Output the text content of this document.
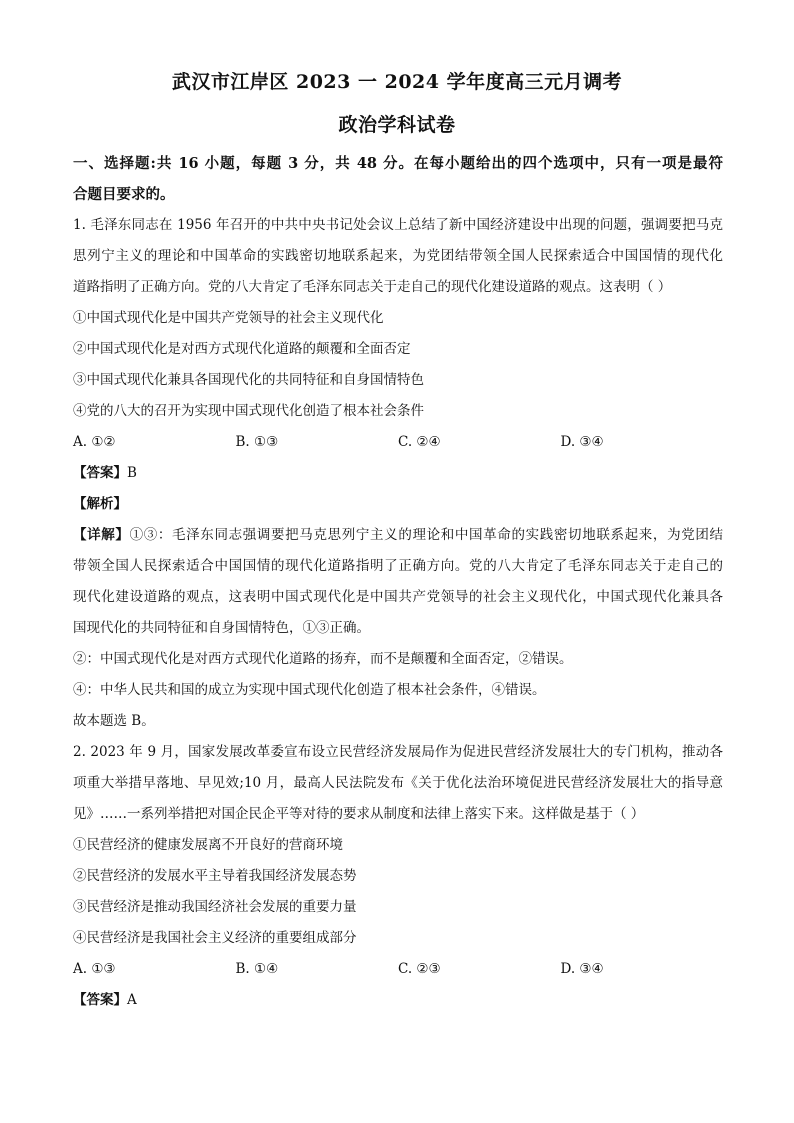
武汉市江岸区 2023 一 2024 学年度高三元月调考
政治学科试卷
一、选择题:共 16 小题，每题 3 分，共 48 分。在每小题给出的四个选项中，只有一项是最符
合题目要求的。
1. 毛泽东同志在 1956 年召开的中共中央书记处会议上总结了新中国经济建设中出现的问题，强调要把马克
思列宁主义的理论和中国革命的实践密切地联系起来，为党团结带领全国人民探索适合中国国情的现代化
道路指明了正确方向。党的八大肯定了毛泽东同志关于走自己的现代化建设道路的观点。这表明（ ）
①中国式现代化是中国共产党领导的社会主义现代化
②中国式现代化是对西方式现代化道路的颠覆和全面否定
③中国式现代化兼具各国现代化的共同特征和自身国情特色
④党的八大的召开为实现中国式现代化创造了根本社会条件
A. ①②	B. ①③	C. ②④	D. ③④
【答案】B
【解析】
【详解】①③：毛泽东同志强调要把马克思列宁主义的理论和中国革命的实践密切地联系起来，为党团结
带领全国人民探索适合中国国情的现代化道路指明了正确方向。党的八大肯定了毛泽东同志关于走自己的
现代化建设道路的观点，这表明中国式现代化是中国共产党领导的社会主义现代化，中国式现代化兼具各
国现代化的共同特征和自身国情特色，①③正确。
②：中国式现代化是对西方式现代化道路的扬弃，而不是颠覆和全面否定，②错误。
④：中华人民共和国的成立为实现中国式现代化创造了根本社会条件，④错误。
故本题选 B。
2. 2023 年 9 月，国家发展改革委宣布设立民营经济发展局作为促进民营经济发展壮大的专门机构，推动各
项重大举措早落地、早见效;10 月，最高人民法院发布《关于优化法治环境促进民营经济发展壮大的指导意
见》……一系列举措把对国企民企平等对待的要求从制度和法律上落实下来。这样做是基于（ ）
①民营经济的健康发展离不开良好的营商环境
②民营经济的发展水平主导着我国经济发展态势
③民营经济是推动我国经济社会发展的重要力量
④民营经济是我国社会主义经济的重要组成部分
A. ①③	B. ①④	C. ②③	D. ③④
【答案】A
